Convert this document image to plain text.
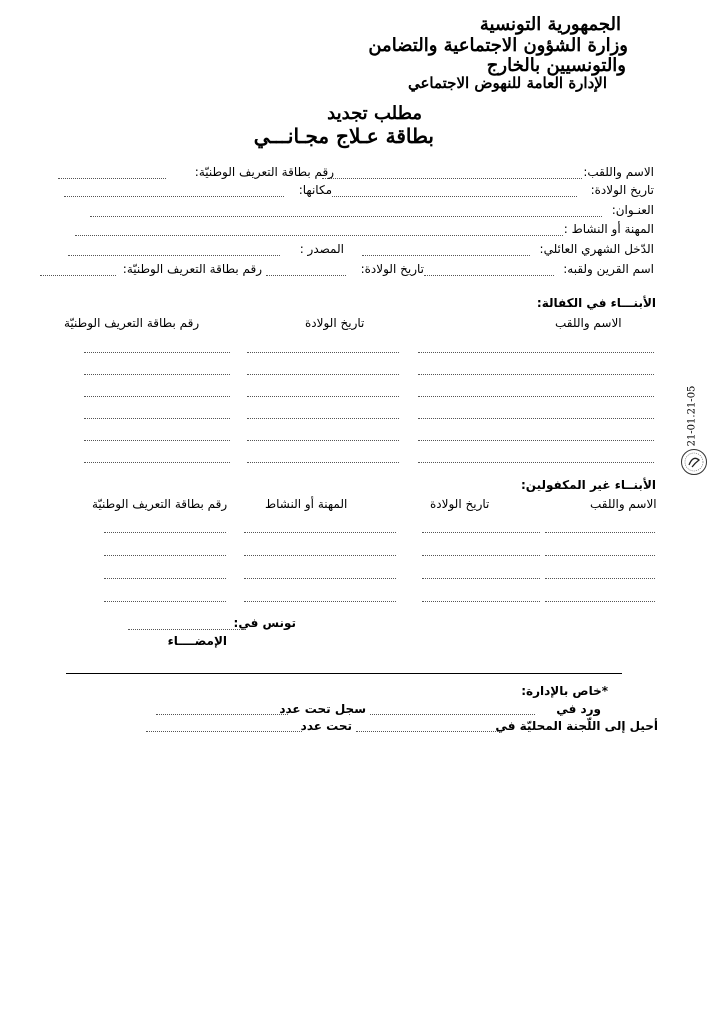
الجمهورية التونسية
وزارة الشؤون الاجتماعية والتضامن
والتونسيين بالخارج
الإدارة العامة للنهوض الاجتماعي
مطلب تجديد
بطاقة عـلاج مجـانـــي
الاسم واللقب:
رقم بطاقة التعريف الوطنيّة:
تاريخ الولادة:
مكانها:
العنـوان:
المهنة أو النشاط :
الدّخل الشهري العائلي:
المصدر :
اسم القرين ولقبه:
تاريخ الولادة:
رقم بطاقة التعريف الوطنيّة:
الأبنـــاء في الكفالة:
الاسم واللقب
تاريخ الولادة
رقم بطاقة التعريف الوطنيّة
الأبنــاء غير المكفولين:
الاسم واللقب
تاريخ الولادة
المهنة أو النشاط
رقم بطاقة التعريف الوطنيّة
تونس في:
الإمضــــاء
*خاص بالإدارة:
ورد في
سجل تحت عدد
أحيل إلى اللّجنة المحليّة في
تحت عدد
21-01.21-05
